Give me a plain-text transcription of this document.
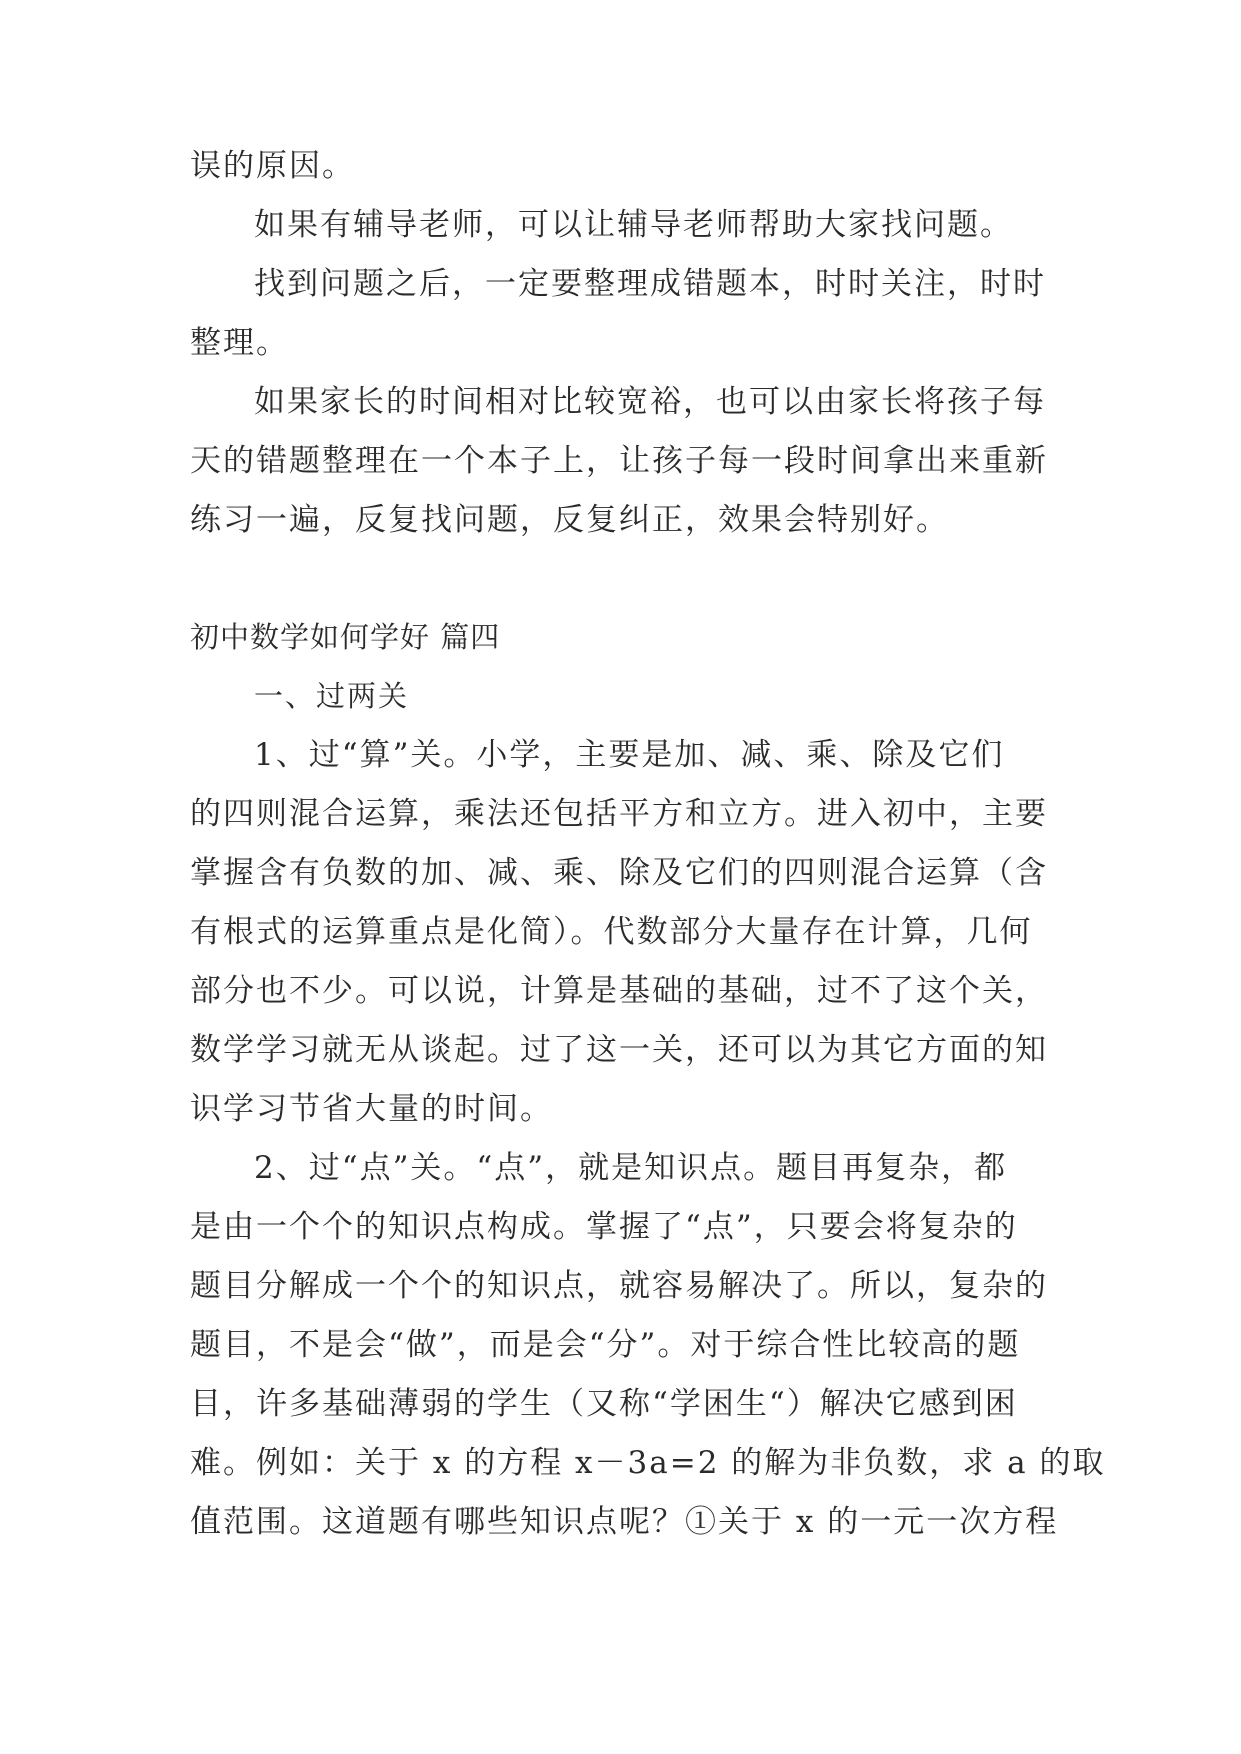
误的原因。
如果有辅导老师，可以让辅导老师帮助大家找问题。
找到问题之后，一定要整理成错题本，时时关注，时时
整理。
如果家长的时间相对比较宽裕，也可以由家长将孩子每
天的错题整理在一个本子上，让孩子每一段时间拿出来重新
练习一遍，反复找问题，反复纠正，效果会特别好。
初中数学如何学好 篇四
一、过两关
1、过“算”关。小学，主要是加、减、乘、除及它们
的四则混合运算，乘法还包括平方和立方。进入初中，主要
掌握含有负数的加、减、乘、除及它们的四则混合运算（含
有根式的运算重点是化简）。代数部分大量存在计算，几何
部分也不少。可以说，计算是基础的基础，过不了这个关，
数学学习就无从谈起。过了这一关，还可以为其它方面的知
识学习节省大量的时间。
2、过“点”关。“点”，就是知识点。题目再复杂，都
是由一个个的知识点构成。掌握了“点”，只要会将复杂的
题目分解成一个个的知识点，就容易解决了。所以，复杂的
题目，不是会“做”，而是会“分”。对于综合性比较高的题
目，许多基础薄弱的学生（又称“学困生“）解决它感到困
难。例如：关于 x 的方程 x－3a=2 的解为非负数，求 a 的取
值范围。这道题有哪些知识点呢？①关于 x 的一元一次方程
